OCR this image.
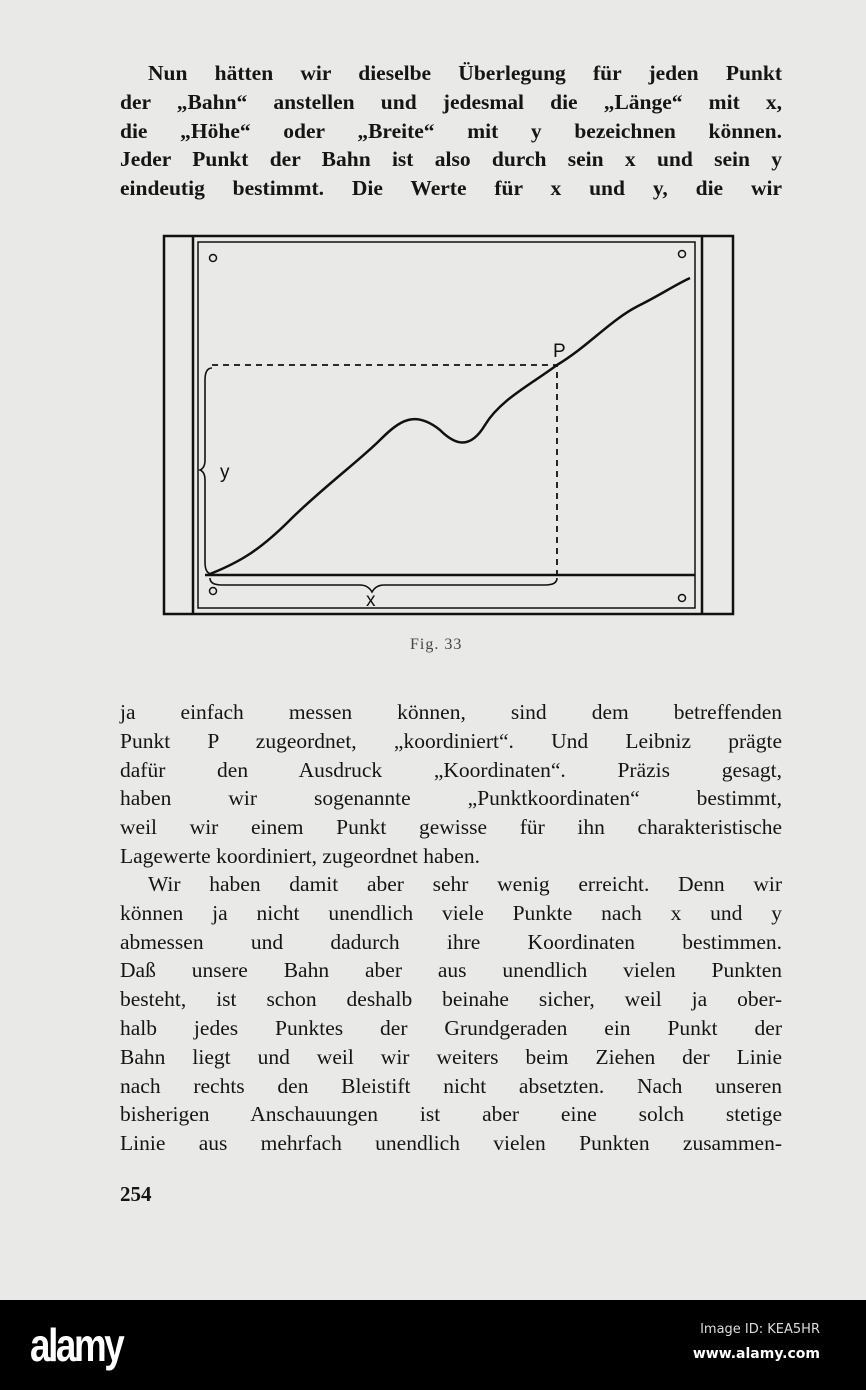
Nun hätten wir dieselbe Überlegung für jeden Punkt
der „Bahn“ anstellen und jedesmal die „Länge“ mit x,
die „Höhe“ oder „Breite“ mit y bezeichnen können.
Jeder Punkt der Bahn ist also durch sein x und sein y
eindeutig bestimmt. Die Werte für x und y, die wir
P
y
x
Fig. 33
ja einfach messen können, sind dem betreffenden
Punkt P zugeordnet, „koordiniert“. Und Leibniz prägte
dafür den Ausdruck „Koordinaten“. Präzis gesagt,
haben wir sogenannte „Punktkoordinaten“ bestimmt,
weil wir einem Punkt gewisse für ihn charakteristische
Lagewerte koordiniert, zugeordnet haben.
Wir haben damit aber sehr wenig erreicht. Denn wir
können ja nicht unendlich viele Punkte nach x und y
abmessen und dadurch ihre Koordinaten bestimmen.
Daß unsere Bahn aber aus unendlich vielen Punkten
besteht, ist schon deshalb beinahe sicher, weil ja ober-
halb jedes Punktes der Grundgeraden ein Punkt der
Bahn liegt und weil wir weiters beim Ziehen der Linie
nach rechts den Bleistift nicht absetzten. Nach unseren
bisherigen Anschauungen ist aber eine solch stetige
Linie aus mehrfach unendlich vielen Punkten zusammen-
254
alamy	Image ID: KEA5HR
www.alamy.com
